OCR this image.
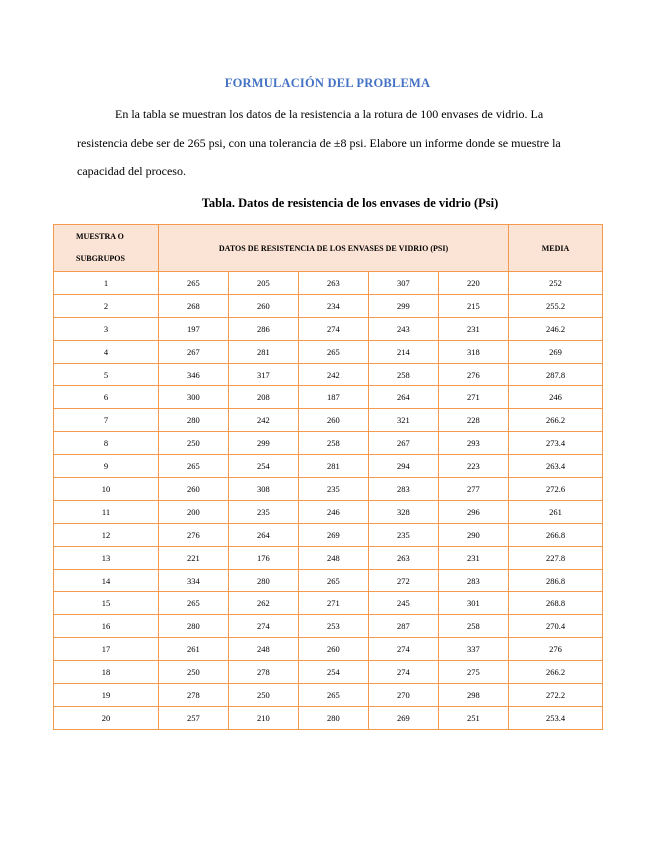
FORMULACIÓN DEL PROBLEMA

En la tabla se muestran los datos de la resistencia a la rotura de 100 envases de vidrio. La resistencia debe ser de 265 psi, con una tolerancia de ±8 psi. Elabore un informe donde se muestre la capacidad del proceso.

Tabla. Datos de resistencia de los envases de vidrio (Psi)
MUESTRA O
SUBGRUPOS	DATOS DE RESISTENCIA DE LOS ENVASES DE VIDRIO (PSI)					MEDIA
1	265	205	263	307	220	252
2	268	260	234	299	215	255.2
3	197	286	274	243	231	246.2
4	267	281	265	214	318	269
5	346	317	242	258	276	287.8
6	300	208	187	264	271	246
7	280	242	260	321	228	266.2
8	250	299	258	267	293	273.4
9	265	254	281	294	223	263.4
10	260	308	235	283	277	272.6
11	200	235	246	328	296	261
12	276	264	269	235	290	266.8
13	221	176	248	263	231	227.8
14	334	280	265	272	283	286.8
15	265	262	271	245	301	268.8
16	280	274	253	287	258	270.4
17	261	248	260	274	337	276
18	250	278	254	274	275	266.2
19	278	250	265	270	298	272.2
20	257	210	280	269	251	253.4
